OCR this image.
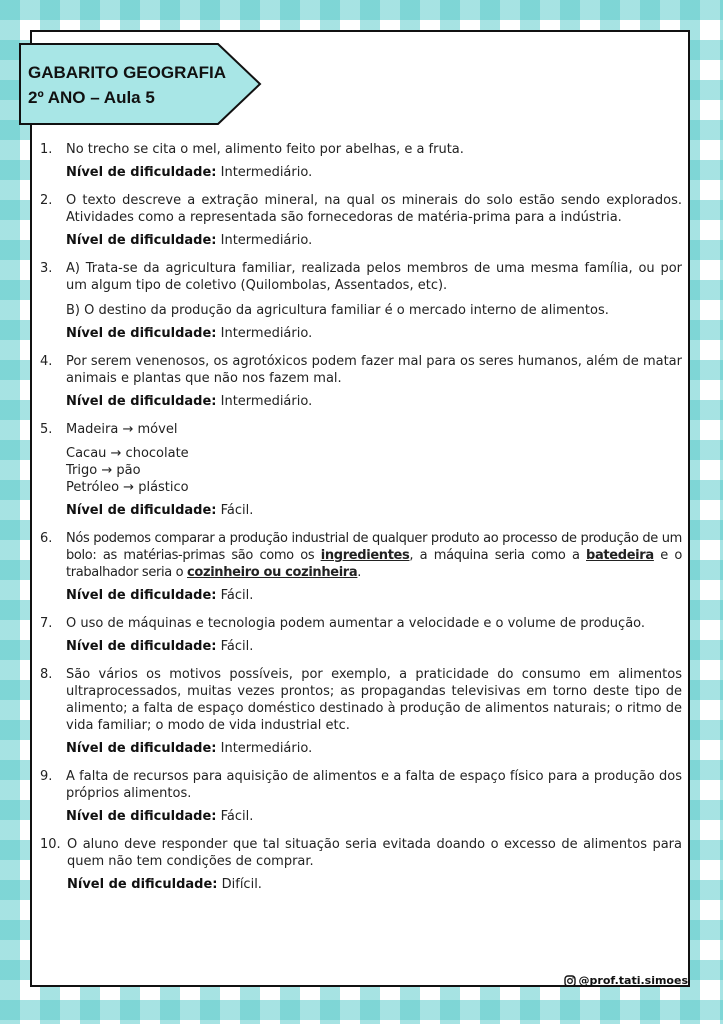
GABARITO GEOGRAFIA
2º ANO – Aula 5
1.	No trecho se cita o mel, alimento feito por abelhas, e a fruta.
Nível de dificuldade: Intermediário.
2.	O texto descreve a extração mineral, na qual os minerais do solo estão sendo explorados. Atividades como a representada são fornecedoras de matéria-prima para a indústria.
Nível de dificuldade: Intermediário.
3.	A) Trata-se da agricultura familiar, realizada pelos membros de uma mesma família, ou por um algum tipo de coletivo (Quilombolas, Assentados, etc).
B) O destino da produção da agricultura familiar é o mercado interno de alimentos.
Nível de dificuldade: Intermediário.
4.	Por serem venenosos, os agrotóxicos podem fazer mal para os seres humanos, além de matar animais e plantas que não nos fazem mal.
Nível de dificuldade: Intermediário.
5.	Madeira → móvel
Cacau → chocolate
Trigo → pão
Petróleo → plástico
Nível de dificuldade: Fácil.
6.	Nós podemos comparar a produção industrial de qualquer produto ao processo de produção de um bolo: as matérias-primas são como os ingredientes, a máquina seria como a batedeira e o trabalhador seria o cozinheiro ou cozinheira.
Nível de dificuldade: Fácil.
7.	O uso de máquinas e tecnologia podem aumentar a velocidade e o volume de produção.
Nível de dificuldade: Fácil.
8.	São vários os motivos possíveis, por exemplo, a praticidade do consumo em alimentos ultraprocessados, muitas vezes prontos; as propagandas televisivas em torno deste tipo de alimento; a falta de espaço doméstico destinado à produção de alimentos naturais; o ritmo de vida familiar; o modo de vida industrial etc.
Nível de dificuldade: Intermediário.
9.	A falta de recursos para aquisição de alimentos e a falta de espaço físico para a produção dos próprios alimentos.
Nível de dificuldade: Fácil.
10. O aluno deve responder que tal situação seria evitada doando o excesso de alimentos para quem não tem condições de comprar.
Nível de dificuldade: Difícil.
@prof.tati.simoes
